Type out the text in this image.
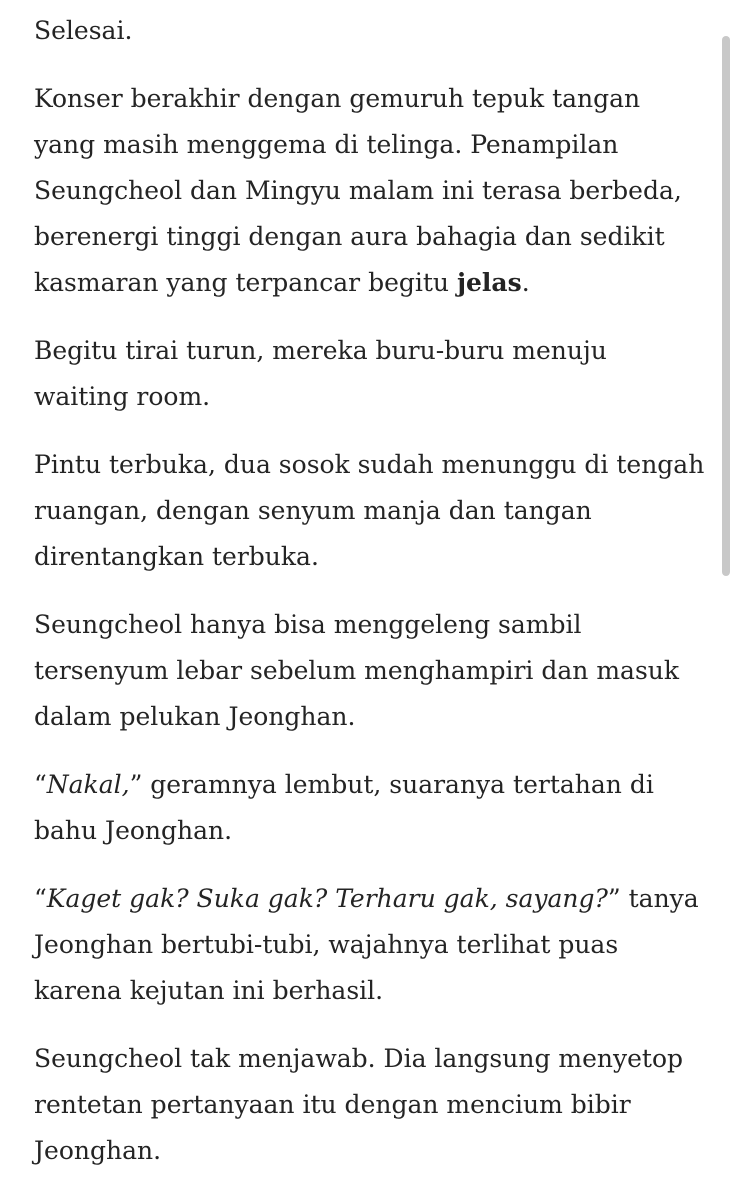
Selesai.

Konser berakhir dengan gemuruh tepuk tangan yang masih menggema di telinga. Penampilan Seungcheol dan Mingyu malam ini terasa berbeda, berenergi tinggi dengan aura bahagia dan sedikit kasmaran yang terpancar begitu jelas.

Begitu tirai turun, mereka buru-buru menuju waiting room.

Pintu terbuka, dua sosok sudah menunggu di tengah ruangan, dengan senyum manja dan tangan direntangkan terbuka.

Seungcheol hanya bisa menggeleng sambil tersenyum lebar sebelum menghampiri dan masuk dalam pelukan Jeonghan.

“Nakal,” geramnya lembut, suaranya tertahan di bahu Jeonghan.

“Kaget gak? Suka gak? Terharu gak, sayang?” tanya Jeonghan bertubi-tubi, wajahnya terlihat puas karena kejutan ini berhasil.

Seungcheol tak menjawab. Dia langsung menyetop rentetan pertanyaan itu dengan mencium bibir Jeonghan.
